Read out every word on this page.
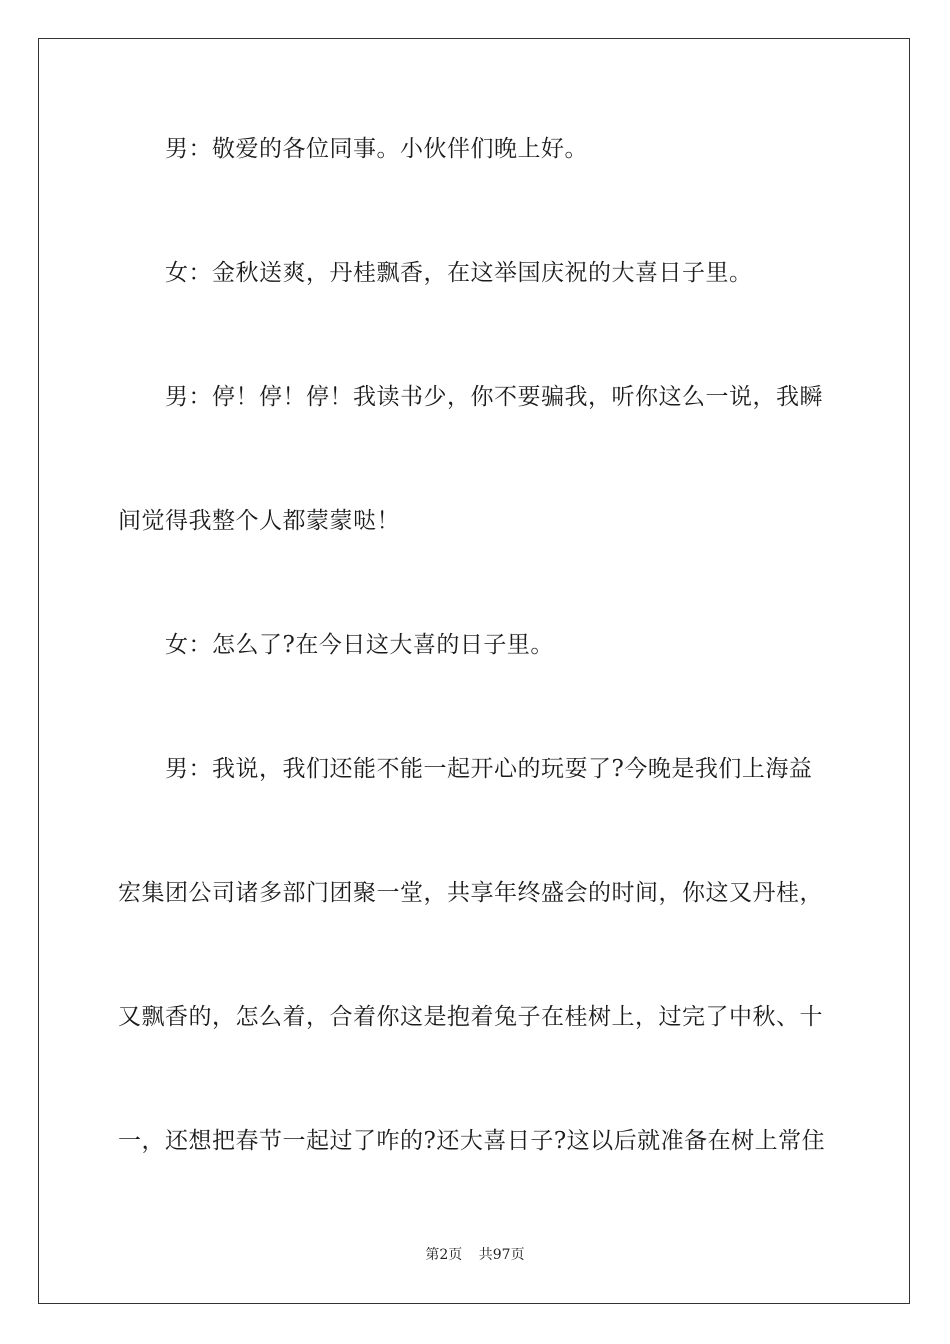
男：敬爱的各位同事。小伙伴们晚上好。
女：金秋送爽，丹桂飘香，在这举国庆祝的大喜日子里。
男：停！停！停！我读书少，你不要骗我，听你这么一说，我瞬
间觉得我整个人都蒙蒙哒！
女：怎么了?在今日这大喜的日子里。
男：我说，我们还能不能一起开心的玩耍了?今晚是我们上海益
宏集团公司诸多部门团聚一堂，共享年终盛会的时间，你这又丹桂，
又飘香的，怎么着，合着你这是抱着兔子在桂树上，过完了中秋、十
一，还想把春节一起过了咋的?还大喜日子?这以后就准备在树上常住
第2页 共97页
